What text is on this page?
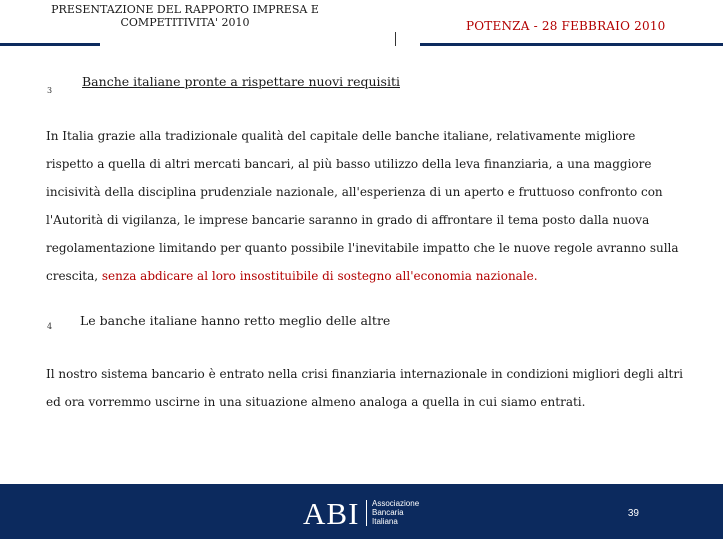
PRESENTAZIONE DEL RAPPORTO IMPRESA E
COMPETITIVITA' 2010	POTENZA - 28 FEBBRAIO 2010
3
Banche italiane pronte a rispettare nuovi requisiti
In Italia grazie alla tradizionale qualità del capitale delle banche italiane, relativamente migliore rispetto a quella di altri mercati bancari, al più basso utilizzo della leva finanziaria, a una maggiore incisività della disciplina prudenziale nazionale, all'esperienza di un aperto e fruttuoso confronto con l'Autorità di vigilanza, le imprese bancarie saranno in grado di affrontare il tema posto dalla nuova regolamentazione limitando per quanto possibile l'inevitabile impatto che le nuove regole avranno sulla crescita, senza abdicare al loro insostituibile di sostegno all'economia nazionale.
4 Le banche italiane hanno retto meglio delle altre
Il nostro sistema bancario è entrato nella crisi finanziaria internazionale in condizioni migliori degli altri ed ora vorremmo uscirne in una situazione almeno analoga a quella in cui siamo entrati.
ABI Associazione
Bancaria
Italiana
39
